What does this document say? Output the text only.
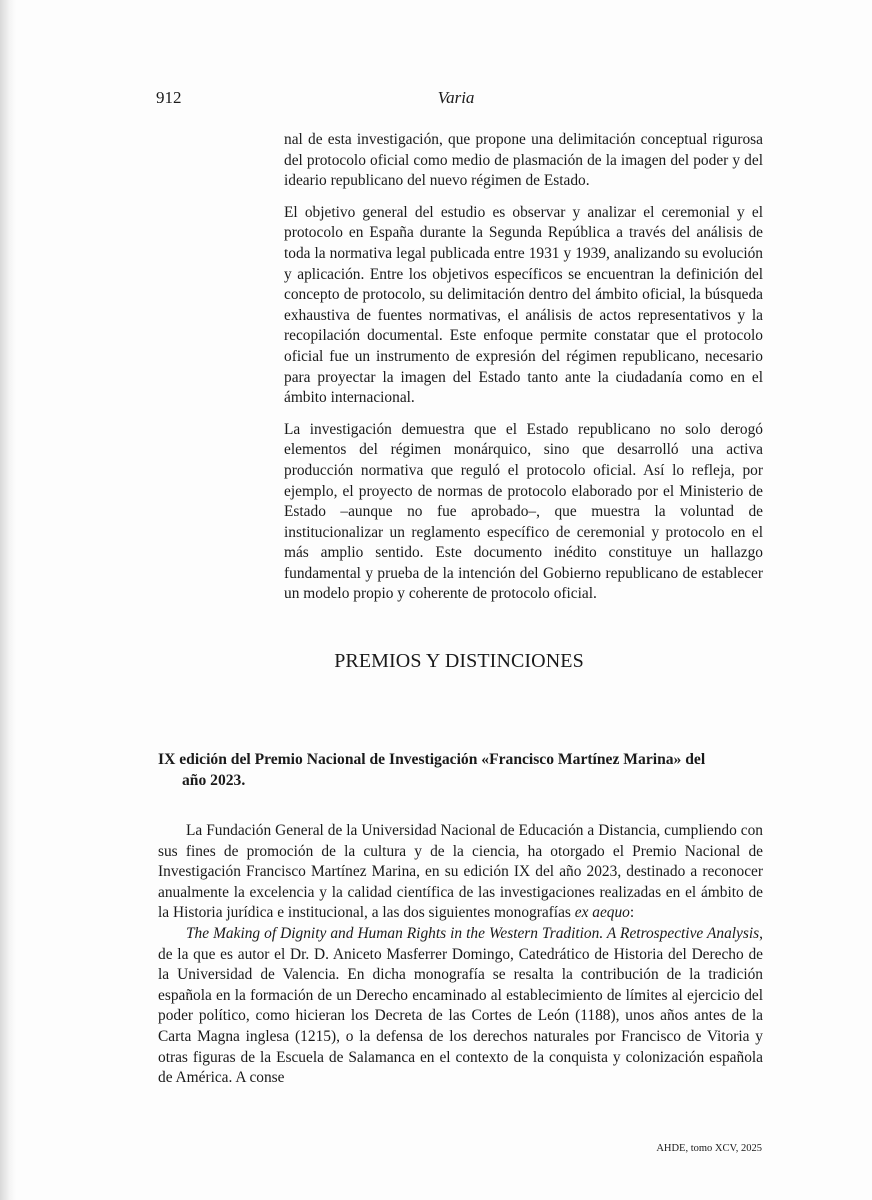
912	Varia

nal de esta investigación, que propone una delimitación conceptual rigurosa del protocolo oficial como medio de plasmación de la imagen del poder y del ideario republicano del nuevo régimen de Estado.

El objetivo general del estudio es observar y analizar el ceremonial y el protocolo en España durante la Segunda República a través del análisis de toda la normativa legal publicada entre 1931 y 1939, analizando su evolución y aplicación. Entre los objetivos específicos se encuentran la definición del concepto de protocolo, su delimitación dentro del ámbito oficial, la búsqueda exhaustiva de fuentes normativas, el análisis de actos representativos y la recopilación documental. Este enfoque permite constatar que el protocolo oficial fue un instrumento de expresión del régimen republicano, necesario para proyectar la imagen del Estado tanto ante la ciudadanía como en el ámbito internacional.

La investigación demuestra que el Estado republicano no solo derogó elementos del régimen monárquico, sino que desarrolló una activa producción normativa que reguló el protocolo oficial. Así lo refleja, por ejemplo, el proyecto de normas de protocolo elaborado por el Ministerio de Estado –aunque no fue aprobado–, que muestra la voluntad de institucionalizar un reglamento específico de ceremonial y protocolo en el más amplio sentido. Este documento inédito constituye un hallazgo fundamental y prueba de la intención del Gobierno republicano de establecer un modelo propio y coherente de protocolo oficial.

PREMIOS Y DISTINCIONES
IX edición del Premio Nacional de Investigación «Francisco Martínez Marina» del
año 2023.

La Fundación General de la Universidad Nacional de Educación a Distancia, cumpliendo con sus fines de promoción de la cultura y de la ciencia, ha otorgado el Premio Nacional de Investigación Francisco Martínez Marina, en su edición IX del año 2023, destinado a reconocer anualmente la excelencia y la calidad científica de las investigaciones realizadas en el ámbito de la Historia jurídica e institucional, a las dos siguientes monografías ex aequo:

The Making of Dignity and Human Rights in the Western Tradition. A Retrospective Analysis, de la que es autor el Dr. D. Aniceto Masferrer Domingo, Catedrático de Historia del Derecho de la Universidad de Valencia. En dicha monografía se resalta la contribución de la tradición española en la formación de un Derecho encaminado al establecimiento de límites al ejercicio del poder político, como hicieran los Decreta de las Cortes de León (1188), unos años antes de la Carta Magna inglesa (1215), o la defensa de los derechos naturales por Francisco de Vitoria y otras figuras de la Escuela de Salamanca en el contexto de la conquista y colonización española de América. A conse

AHDE, tomo XCV, 2025
